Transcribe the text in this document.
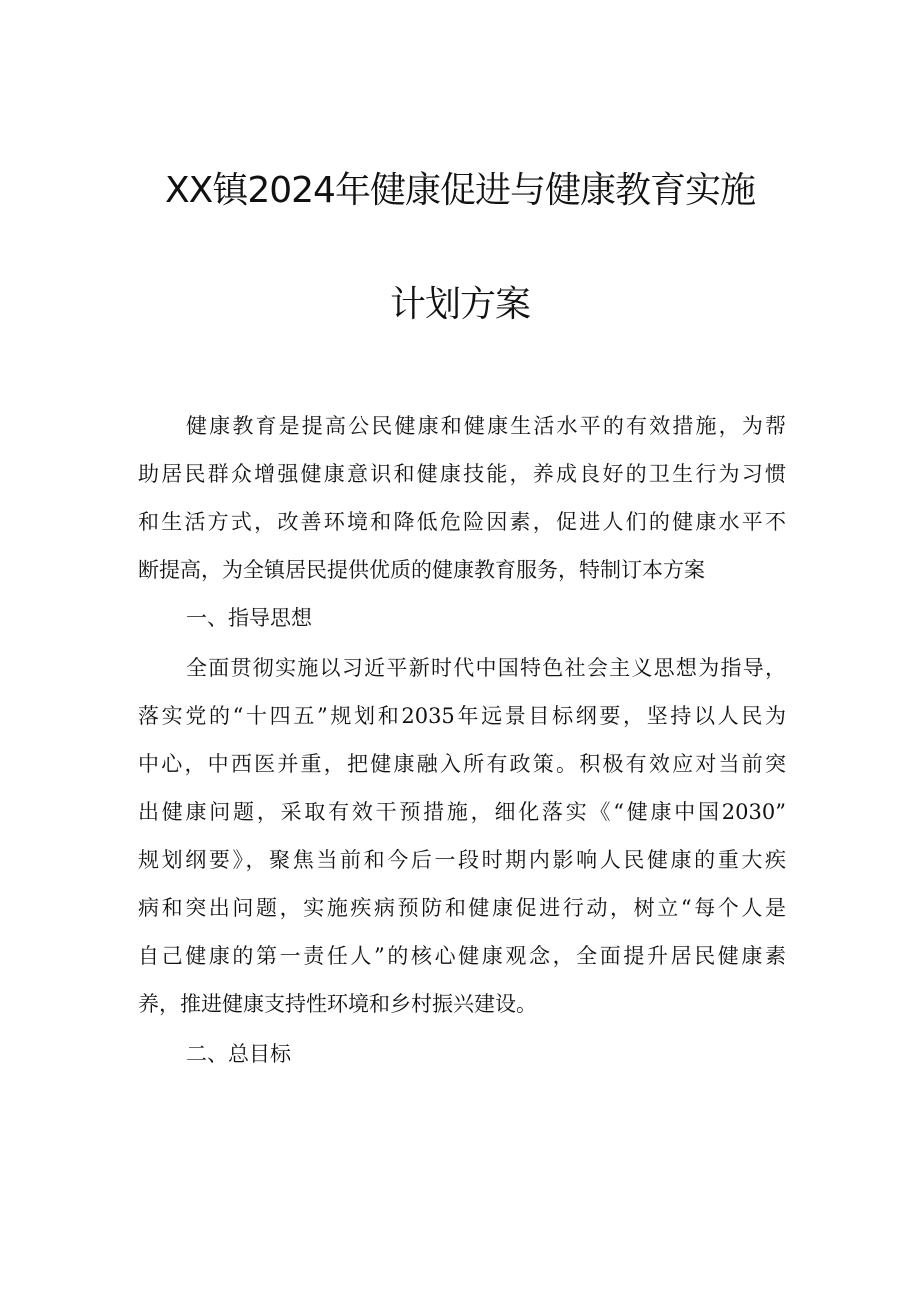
XX镇2024年健康促进与健康教育实施
计划方案
健康教育是提高公民健康和健康生活水平的有效措施，为帮
助居民群众增强健康意识和健康技能，养成良好的卫生行为习惯
和生活方式，改善环境和降低危险因素，促进人们的健康水平不
断提高，为全镇居民提供优质的健康教育服务，特制订本方案
一、指导思想
全面贯彻实施以习近平新时代中国特色社会主义思想为指导，
落实党的“十四五”规划和2035年远景目标纲要，坚持以人民为
中心，中西医并重，把健康融入所有政策。积极有效应对当前突
出健康问题，采取有效干预措施，细化落实《“健康中国2030”
规划纲要》，聚焦当前和今后一段时期内影响人民健康的重大疾
病和突出问题，实施疾病预防和健康促进行动，树立“每个人是
自己健康的第一责任人”的核心健康观念，全面提升居民健康素
养，推进健康支持性环境和乡村振兴建设。
二、总目标
